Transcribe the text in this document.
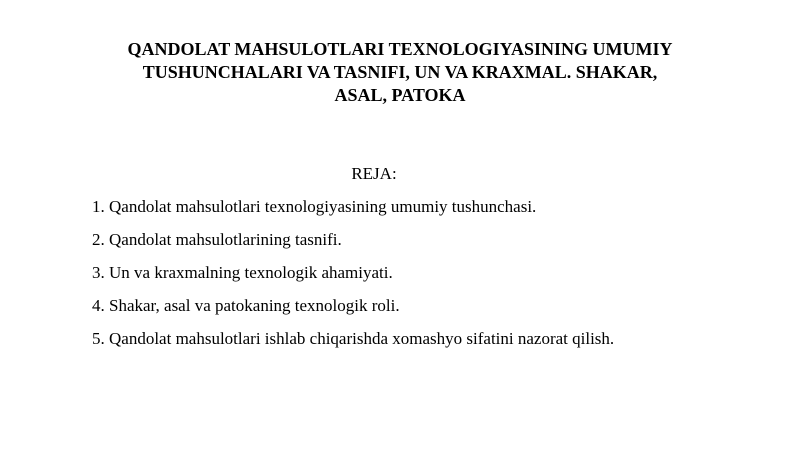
QANDOLAT MAHSULOTLARI TEXNOLOGIYASINING UMUMIY
TUSHUNCHALARI VA TASNIFI, UN VA KRAXMAL. SHAKAR,
ASAL, PATOKA
REJA:
1. Qandolat mahsulotlari texnologiyasining umumiy tushunchasi.
2. Qandolat mahsulotlarining tasnifi.
3. Un va kraxmalning texnologik ahamiyati.
4. Shakar, asal va patokaning texnologik roli.
5. Qandolat mahsulotlari ishlab chiqarishda xomashyo sifatini nazorat qilish.
